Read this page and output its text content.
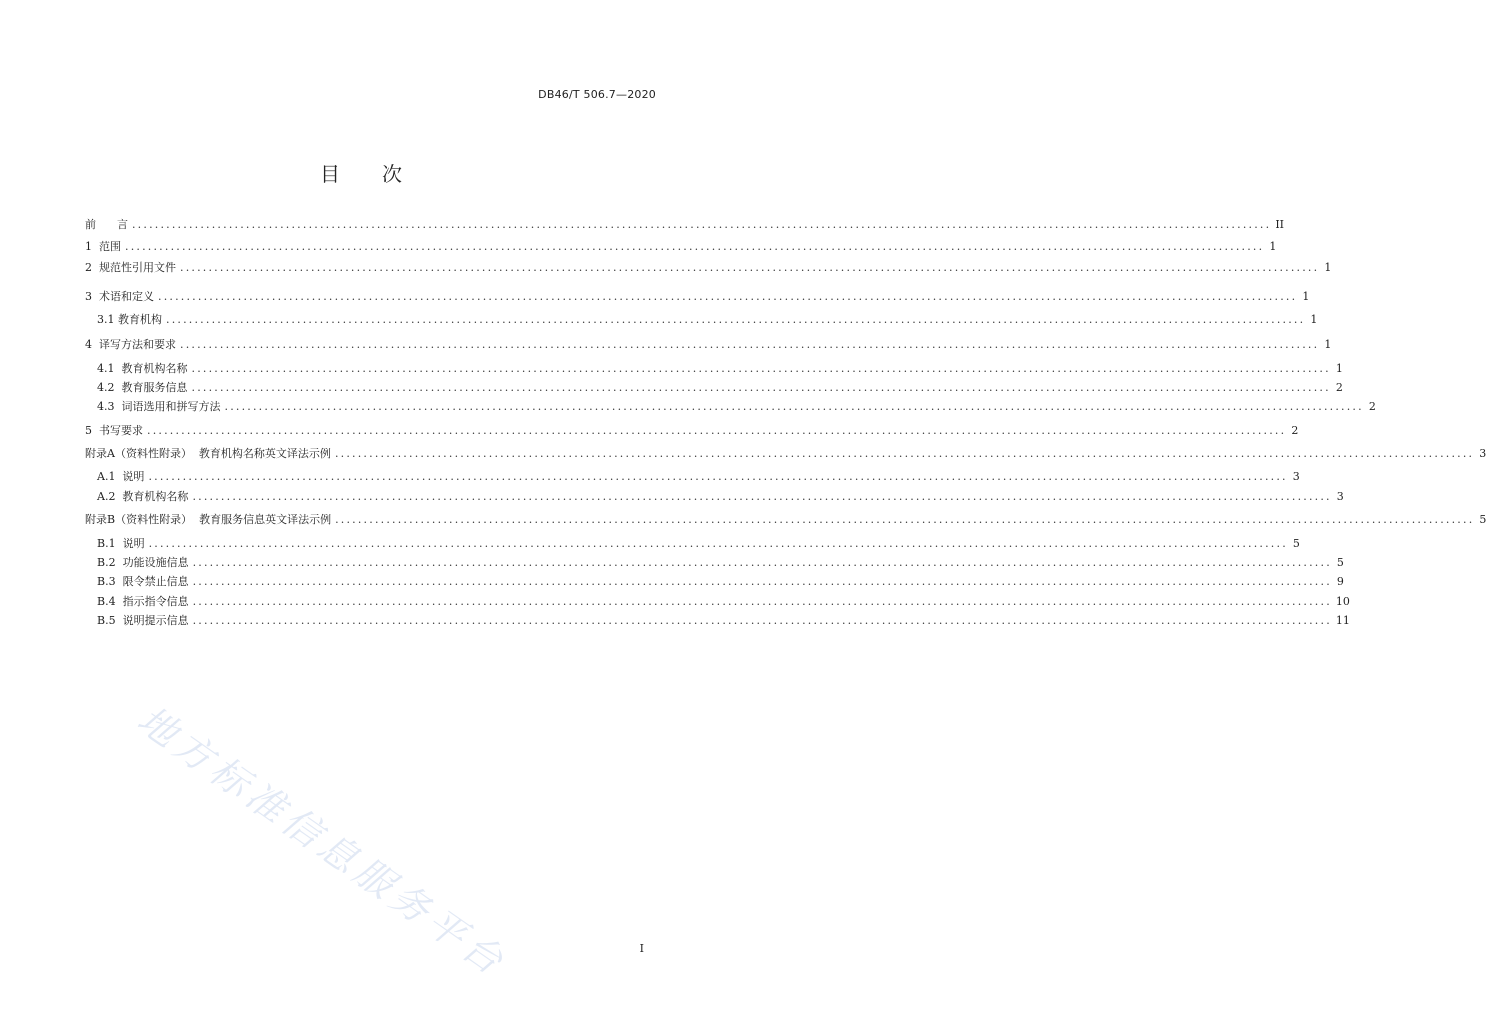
DB46/T 506.7—2020
目 次
前      言 ........................................................................................................................................................................................................ II
1  范围 ........................................................................................................................................................................................................ 1
2  规范性引用文件 ........................................................................................................................................................................................................ 1
3  术语和定义 ........................................................................................................................................................................................................ 1
3.1 教育机构 ........................................................................................................................................................................................................ 1
4  译写方法和要求 ........................................................................................................................................................................................................ 1
4.1  教育机构名称 ........................................................................................................................................................................................................ 1
4.2  教育服务信息 ........................................................................................................................................................................................................ 2
4.3  词语选用和拼写方法 ........................................................................................................................................................................................................ 2
5  书写要求 ........................................................................................................................................................................................................ 2
附录A（资料性附录）  教育机构名称英文译法示例 ........................................................................................................................................................................................................ 3
A.1  说明 ........................................................................................................................................................................................................ 3
A.2  教育机构名称 ........................................................................................................................................................................................................ 3
附录B（资料性附录）  教育服务信息英文译法示例 ........................................................................................................................................................................................................ 5
B.1  说明 ........................................................................................................................................................................................................ 5
B.2  功能设施信息 ........................................................................................................................................................................................................ 5
B.3  限令禁止信息 ........................................................................................................................................................................................................ 9
B.4  指示指令信息 ........................................................................................................................................................................................................ 10
B.5  说明提示信息 ........................................................................................................................................................................................................ 11
地方标准信息服务平台	I
